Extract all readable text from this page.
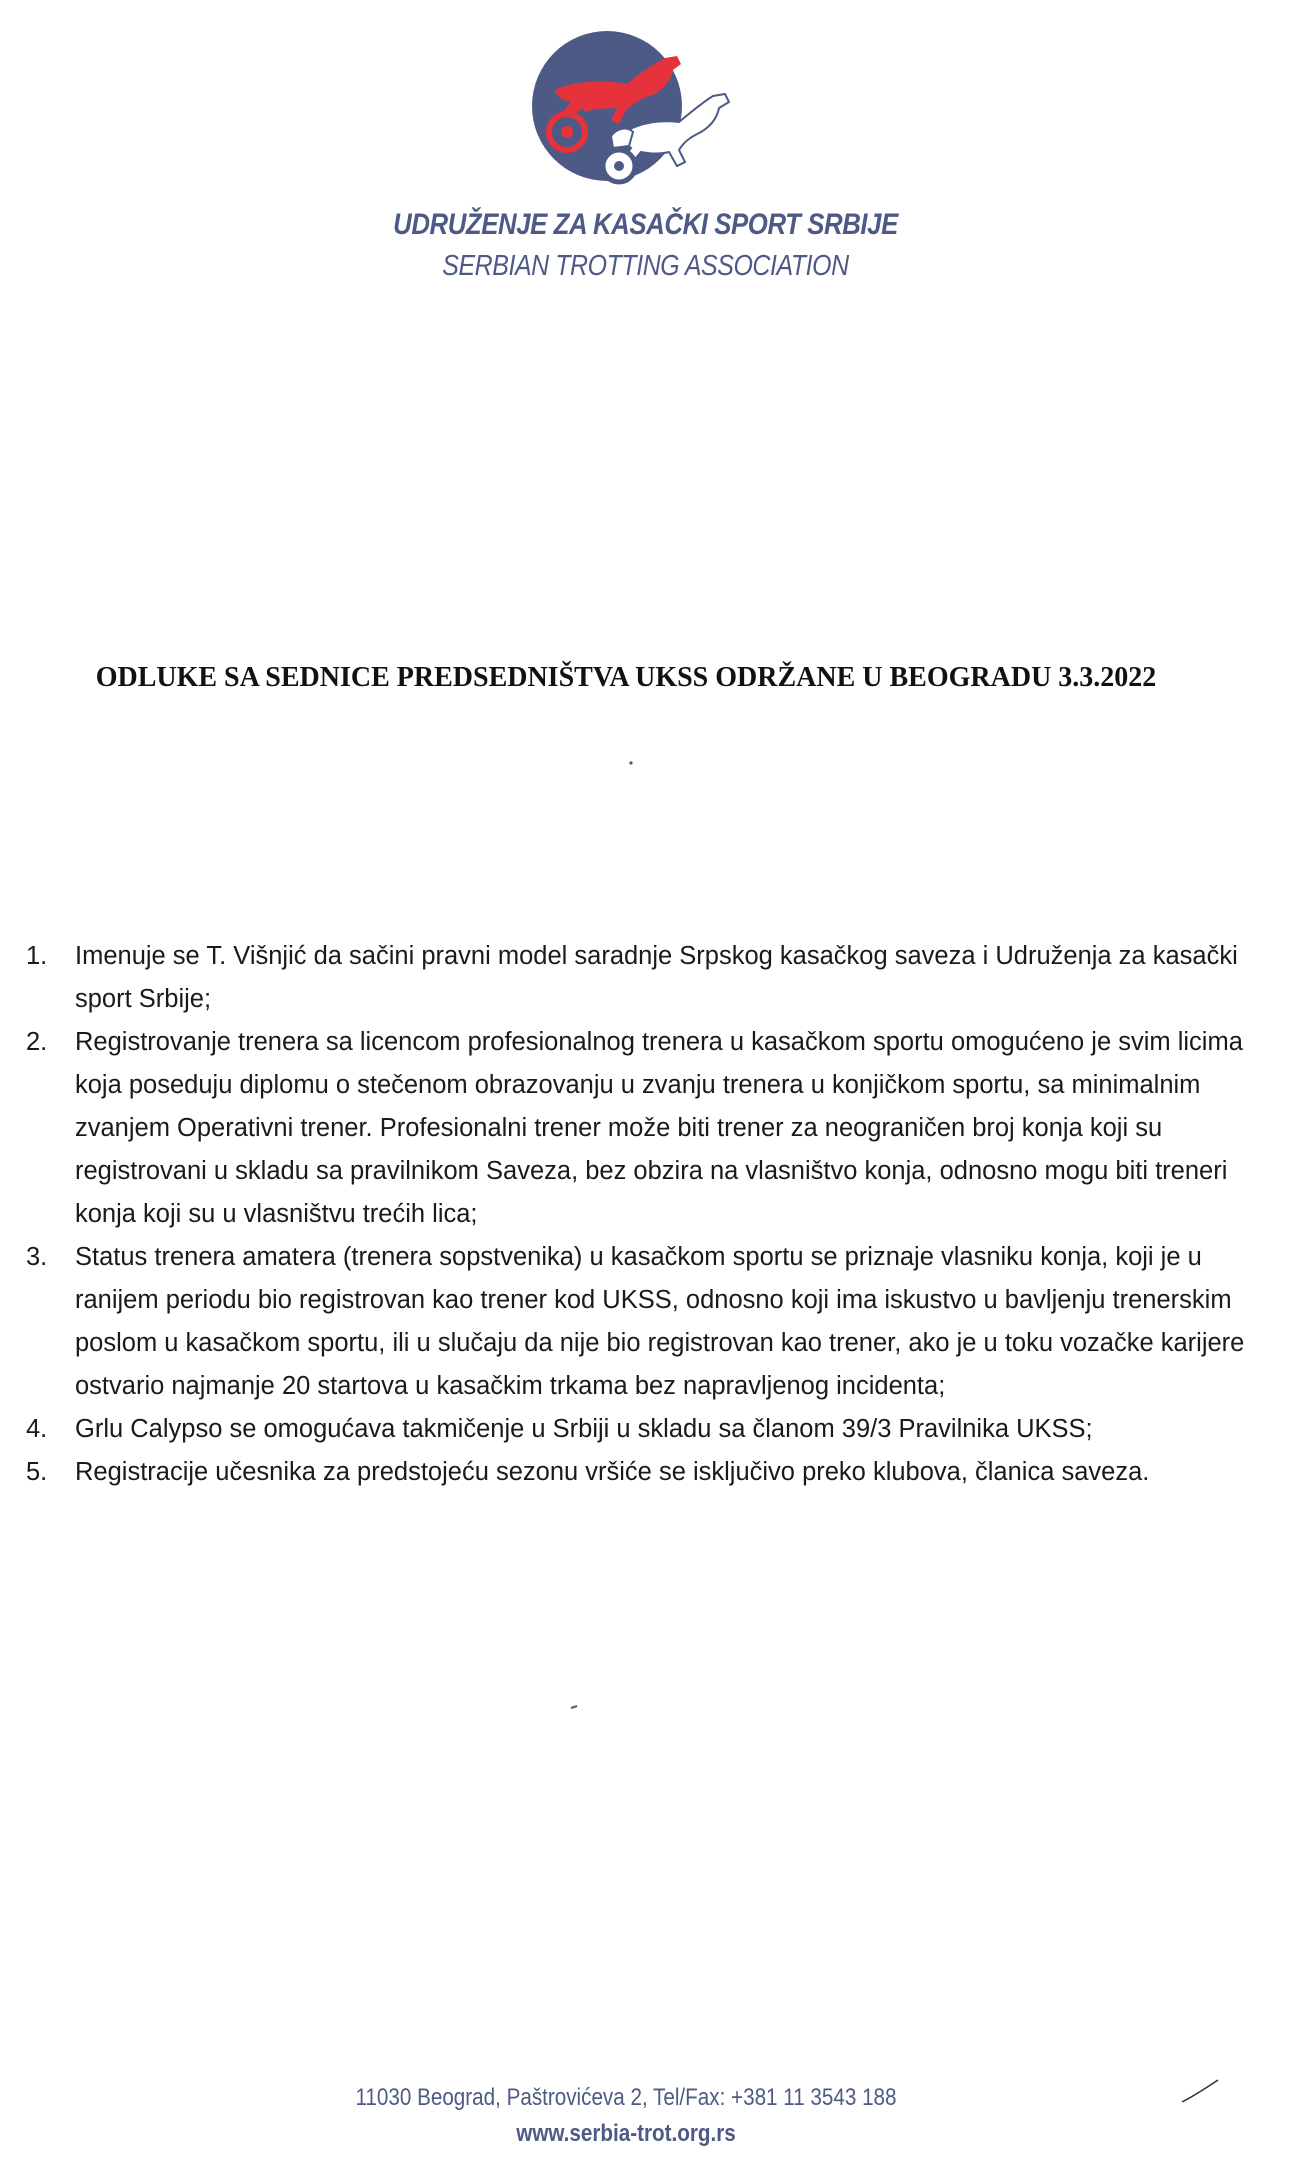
UDRUŽENJE ZA KASAČKI SPORT SRBIJE
SERBIAN TROTTING ASSOCIATION
ODLUKE SA SEDNICE PREDSEDNIŠTVA UKSS ODRŽANE U BEOGRADU 3.3.2022
1. Imenuje se T. Višnjić da sačini pravni model saradnje Srpskog kasačkog saveza i Udruženja za kasački sport Srbije;
2. Registrovanje trenera sa licencom profesionalnog trenera u kasačkom sportu omogućeno je svim licima koja poseduju diplomu o stečenom obrazovanju u zvanju trenera u konjičkom sportu, sa minimalnim zvanjem Operativni trener. Profesionalni trener može biti trener za neograničen broj konja koji su registrovani u skladu sa pravilnikom Saveza, bez obzira na vlasništvo konja, odnosno mogu biti treneri konja koji su u vlasništvu trećih lica;
3. Status trenera amatera (trenera sopstvenika) u kasačkom sportu se priznaje vlasniku konja, koji je u ranijem periodu bio registrovan kao trener kod UKSS, odnosno koji ima iskustvo u bavljenju trenerskim poslom u kasačkom sportu, ili u slučaju da nije bio registrovan kao trener, ako je u toku vozačke karijere ostvario najmanje 20 startova u kasačkim trkama bez napravljenog incidenta;
4. Grlu Calypso se omogućava takmičenje u Srbiji u skladu sa članom 39/3 Pravilnika UKSS;
5. Registracije učesnika za predstojeću sezonu vršiće se isključivo preko klubova, članica saveza.
11030 Beograd, Paštrovićeva 2, Tel/Fax: +381 11 3543 188
www.serbia-trot.org.rs
